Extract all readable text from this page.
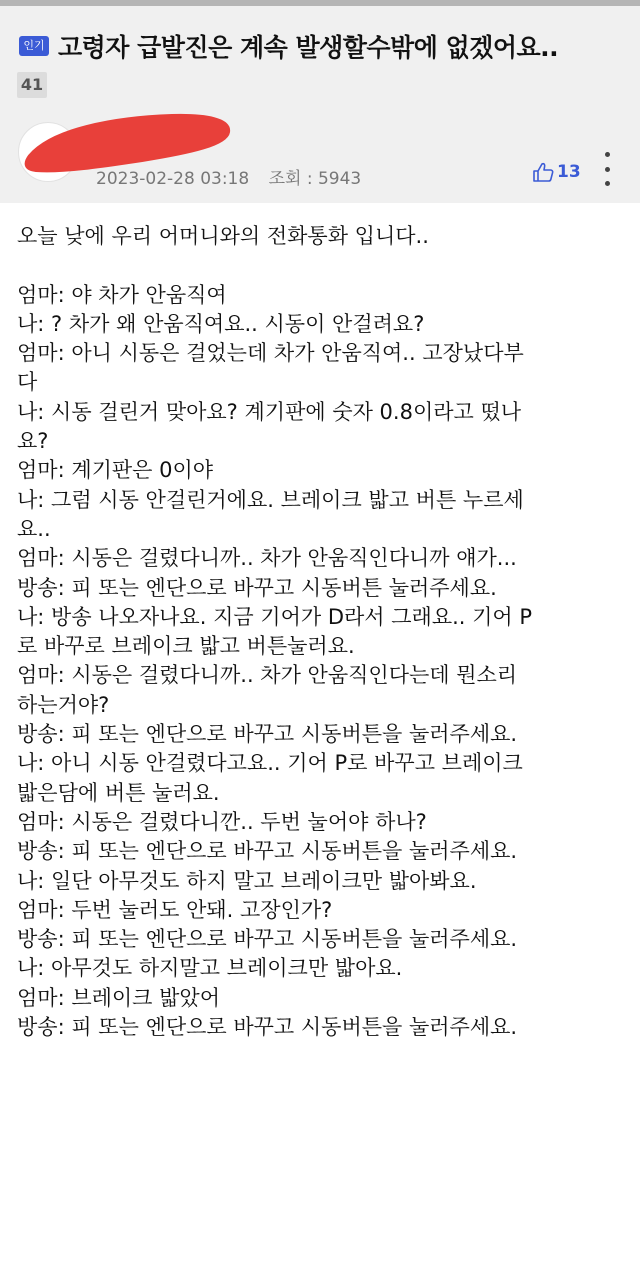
인기 고령자 급발진은 계속 발생할수밖에 없겠어요..
41
2023-02-28 03:18 조회 : 5943	13
오늘 낮에 우리 어머니와의 전화통화 입니다..
엄마: 야 차가 안움직여
나: ? 차가 왜 안움직여요.. 시동이 안걸려요?
엄마: 아니 시동은 걸었는데 차가 안움직여.. 고장났다부
다
나: 시동 걸린거 맞아요? 계기판에 숫자 0.8이라고 떴나
요?
엄마: 계기판은 0이야
나: 그럼 시동 안걸린거에요. 브레이크 밟고 버튼 누르세
요..
엄마: 시동은 걸렸다니까.. 차가 안움직인다니까 얘가...
방송: 피 또는 엔단으로 바꾸고 시동버튼 눌러주세요.
나: 방송 나오자나요. 지금 기어가 D라서 그래요.. 기어 P
로 바꾸로 브레이크 밟고 버튼눌러요.
엄마: 시동은 걸렸다니까.. 차가 안움직인다는데 뭔소리
하는거야?
방송: 피 또는 엔단으로 바꾸고 시동버튼을 눌러주세요.
나: 아니 시동 안걸렸다고요.. 기어 P로 바꾸고 브레이크
밟은담에 버튼 눌러요.
엄마: 시동은 걸렸다니깐.. 두번 눌어야 하나?
방송: 피 또는 엔단으로 바꾸고 시동버튼을 눌러주세요.
나: 일단 아무것도 하지 말고 브레이크만 밟아봐요.
엄마: 두번 눌러도 안돼. 고장인가?
방송: 피 또는 엔단으로 바꾸고 시동버튼을 눌러주세요.
나: 아무것도 하지말고 브레이크만 밟아요.
엄마: 브레이크 밟았어
방송: 피 또는 엔단으로 바꾸고 시동버튼을 눌러주세요.
